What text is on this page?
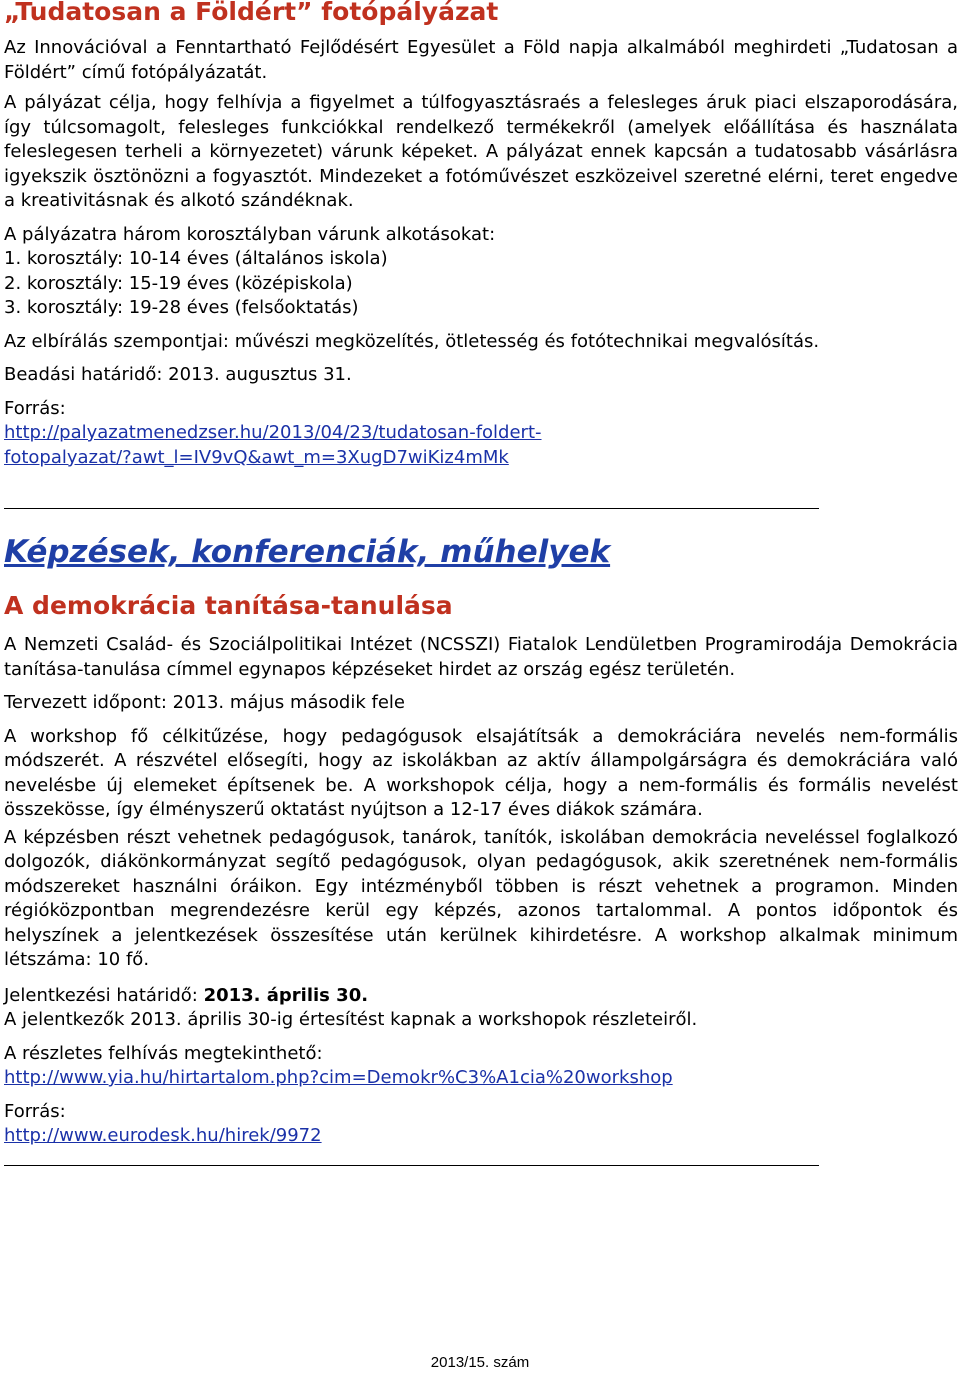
„Tudatosan a Földért” fotópályázat

Az Innovációval a Fenntartható Fejlődésért Egyesület a Föld napja alkalmából meghirdeti „Tudatosan a Földért” című fotópályázatát.

A pályázat célja, hogy felhívja a figyelmet a túlfogyasztásraés a felesleges áruk piaci elszaporodására, így túlcsomagolt, felesleges funkciókkal rendelkező termékekről (amelyek előállítása és használata feleslegesen terheli a környezetet) várunk képeket. A pályázat ennek kapcsán a tudatosabb vásárlásra igyekszik ösztönözni a fogyasztót. Mindezeket a fotóművészet eszközeivel szeretné elérni, teret engedve a kreativitásnak és alkotó szándéknak.

A pályázatra három korosztályban várunk alkotásokat:

1. korosztály: 10-14 éves (általános iskola)

2. korosztály: 15-19 éves (középiskola)

3. korosztály: 19-28 éves (felsőoktatás)

Az elbírálás szempontjai: művészi megközelítés, ötletesség és fotótechnikai megvalósítás.

Beadási határidő: 2013. augusztus 31.

Forrás:

http://palyazatmenedzser.hu/2013/04/23/tudatosan-foldert-
fotopalyazat/?awt_l=IV9vQ&awt_m=3XugD7wiKiz4mMk

Képzések, konferenciák, műhelyek
A demokrácia tanítása-tanulása

A Nemzeti Család- és Szociálpolitikai Intézet (NCSSZI) Fiatalok Lendületben Programirodája Demokrácia tanítása-tanulása címmel egynapos képzéseket hirdet az ország egész területén.

Tervezett időpont: 2013. május második fele

A workshop fő célkitűzése, hogy pedagógusok elsajátítsák a demokráciára nevelés nem-formális módszerét. A részvétel elősegíti, hogy az iskolákban az aktív állampolgárságra és demokráciára való nevelésbe új elemeket építsenek be. A workshopok célja, hogy a nem-formális és formális nevelést összekösse, így élményszerű oktatást nyújtson a 12-17 éves diákok számára.

A képzésben részt vehetnek pedagógusok, tanárok, tanítók, iskolában demokrácia neveléssel foglalkozó dolgozók, diákönkormányzat segítő pedagógusok, olyan pedagógusok, akik szeretnének nem-formális módszereket használni óráikon. Egy intézményből többen is részt vehetnek a programon. Minden régióközpontban megrendezésre kerül egy képzés, azonos tartalommal. A pontos időpontok és helyszínek a jelentkezések összesítése után kerülnek kihirdetésre. A workshop alkalmak minimum létszáma: 10 fő.

Jelentkezési határidő: 2013. április 30.

A jelentkezők 2013. április 30-ig értesítést kapnak a workshopok részleteiről.

A részletes felhívás megtekinthető:

http://www.yia.hu/hirtartalom.php?cim=Demokr%C3%A1cia%20workshop

Forrás:

http://www.eurodesk.hu/hirek/9972

2013/15. szám
